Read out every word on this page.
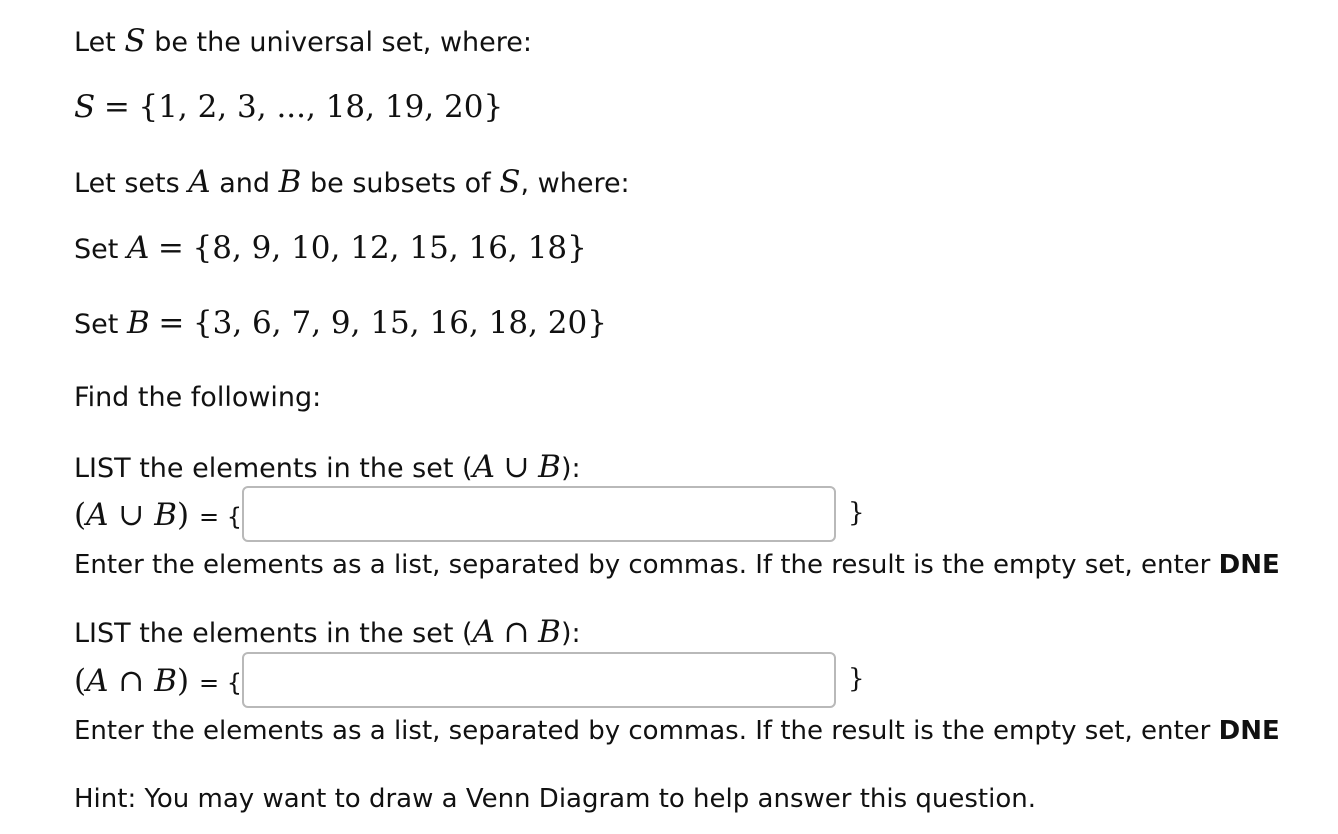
Let S be the universal set, where:
S = {1, 2, 3, ..., 18, 19, 20}
Let sets A and B be subsets of S, where:
Set A = {8, 9, 10, 12, 15, 16, 18}
Set B = {3, 6, 7, 9, 15, 16, 18, 20}
Find the following:
LIST the elements in the set (A ∪ B):
(A ∪ B) = {	}
Enter the elements as a list, separated by commas. If the result is the empty set, enter DNE
LIST the elements in the set (A ∩ B):
(A ∩ B) = {	}
Enter the elements as a list, separated by commas. If the result is the empty set, enter DNE
Hint: You may want to draw a Venn Diagram to help answer this question.
